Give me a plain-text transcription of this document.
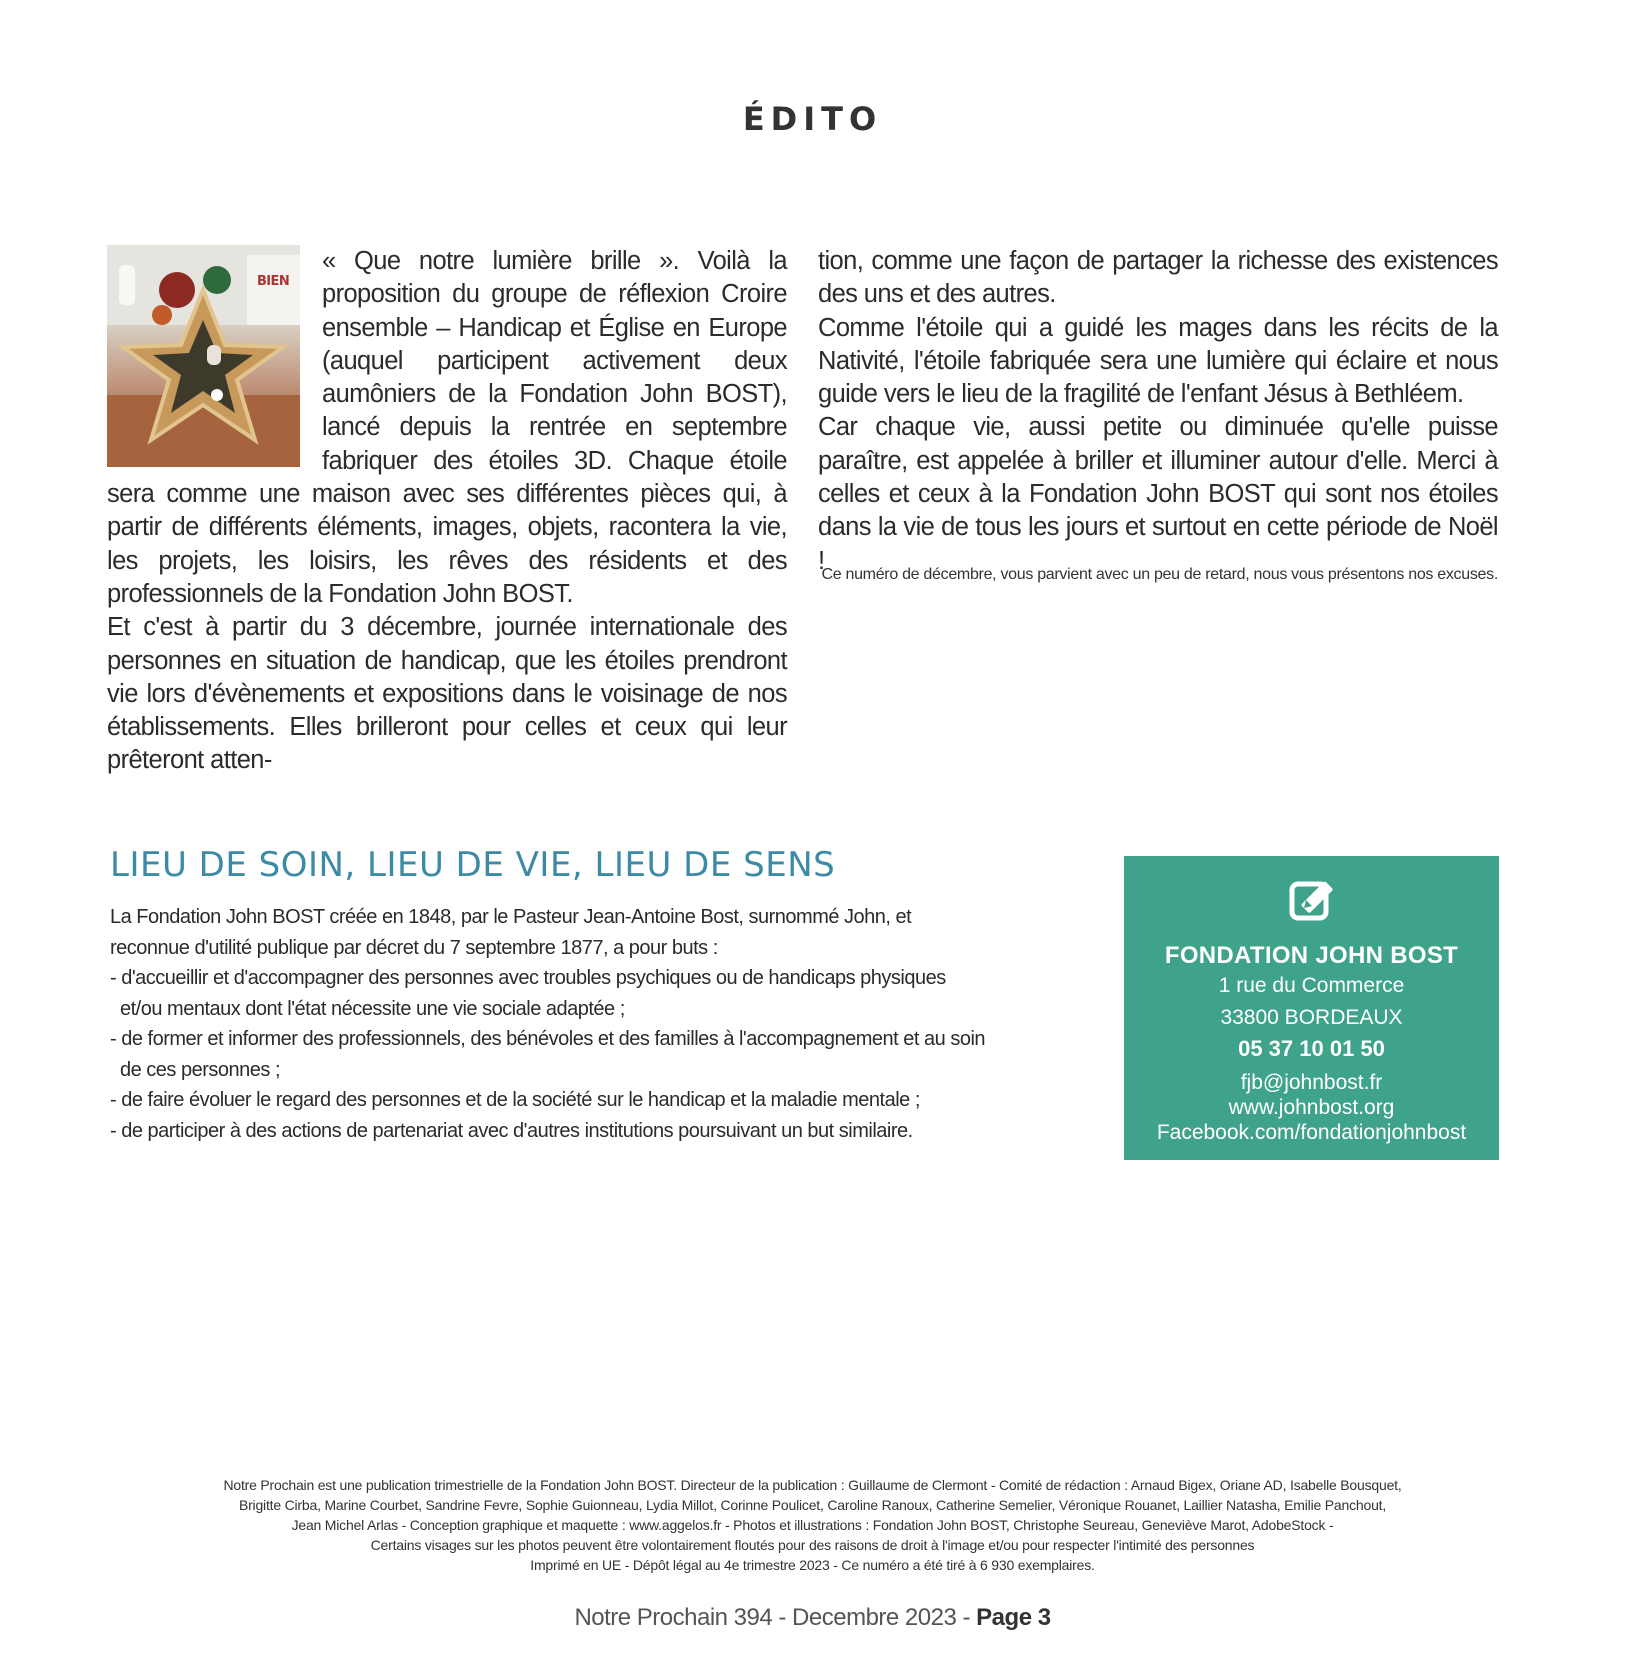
ÉDITO
BIEN

« Que notre lumière brille ». Voilà la proposition du groupe de réflexion Croire ensemble – Handicap et Église en Europe (auquel participent activement deux aumôniers de la Fondation John BOST), lancé depuis la rentrée en septembre fabriquer des étoiles 3D. Chaque étoile sera comme une maison avec ses différentes pièces qui, à partir de différents éléments, images, objets, racontera la vie, les projets, les loisirs, les rêves des résidents et des professionnels de la Fondation John BOST.

Et c'est à partir du 3 décembre, journée internationale des personnes en situation de handicap, que les étoiles prendront vie lors d'évènements et expositions dans le voisinage de nos établissements. Elles brilleront pour celles et ceux qui leur prêteront atten-

tion, comme une façon de partager la richesse des existences des uns et des autres.

Comme l'étoile qui a guidé les mages dans les récits de la Nativité, l'étoile fabriquée sera une lumière qui éclaire et nous guide vers le lieu de la fragilité de l'enfant Jésus à Bethléem.

Car chaque vie, aussi petite ou diminuée qu'elle puisse paraître, est appelée à briller et illuminer autour d'elle. Merci à celles et ceux à la Fondation John BOST qui sont nos étoiles dans la vie de tous les jours et surtout en cette période de Noël !

Ce numéro de décembre, vous parvient avec un peu de retard, nous vous présentons nos excuses.
LIEU DE SOIN, LIEU DE VIE, LIEU DE SENS

La Fondation John BOST créée en 1848, par le Pasteur Jean-Antoine Bost, surnommé John, et reconnue d'utilité publique par décret du 7 septembre 1877, a pour buts :

- d'accueillir et d'accompagner des personnes avec troubles psychiques ou de handicaps physiques et/ou mentaux dont l'état nécessite une vie sociale adaptée ;

- de former et informer des professionnels, des bénévoles et des familles à l'accompagnement et au soin de ces personnes ;

- de faire évoluer le regard des personnes et de la société sur le handicap et la maladie mentale ;

- de participer à des actions de partenariat avec d'autres institutions poursuivant un but similaire.

FONDATION JOHN BOST
1 rue du Commerce
33800 BORDEAUX
05 37 10 01 50
fjb@johnbost.fr
www.johnbost.org
Facebook.com/fondationjohnbost
Notre Prochain est une publication trimestrielle de la Fondation John BOST. Directeur de la publication : Guillaume de Clermont - Comité de rédaction : Arnaud Bigex, Oriane AD, Isabelle Bousquet,
Brigitte Cirba, Marine Courbet, Sandrine Fevre, Sophie Guionneau, Lydia Millot, Corinne Poulicet, Caroline Ranoux, Catherine Semelier, Véronique Rouanet, Laillier Natasha, Emilie Panchout,
Jean Michel Arlas - Conception graphique et maquette : www.aggelos.fr - Photos et illustrations : Fondation John BOST, Christophe Seureau, Geneviève Marot, AdobeStock -
Certains visages sur les photos peuvent être volontairement floutés pour des raisons de droit à l'image et/ou pour respecter l'intimité des personnes
Imprimé en UE - Dépôt légal au 4e trimestre 2023 - Ce numéro a été tiré à 6 930 exemplaires.
Notre Prochain 394 - Decembre 2023 - Page 3
